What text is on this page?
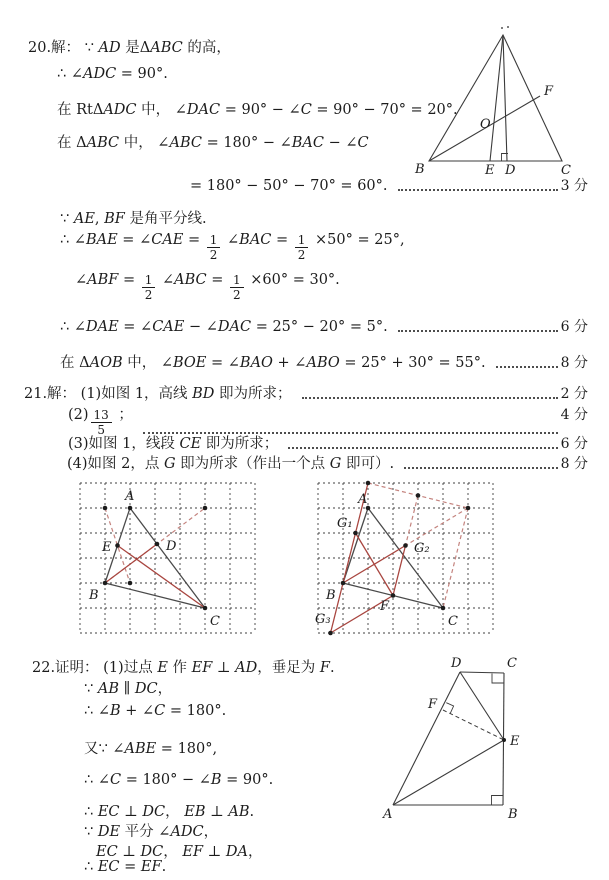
20.解： ∵ AD 是Δ ABC 的高，
∴ ∠ ADC = 90°.
在 RtΔ ADC 中， ∠ DAC = 90° − ∠ C = 90° − 70° = 20°.
在 Δ ABC 中， ∠ ABC = 180° − ∠ BAC − ∠ C
= 180° − 50° − 70° = 60°.	3 分
∵ AE , BF 是角平分线.
∴ ∠ BAE = ∠ CAE = $\frac{1}{2}$ ∠ BAC = $\frac{1}{2} \times 50^\circ = 25^\circ$,
∠ ABF = $\frac{1}{2}$ ∠ ABC = $\frac{1}{2} \times 60^\circ = 30^\circ$.
∴ ∠ DAE = ∠ CAE − ∠ DAC = 25° − 20° = 5°.	6 分
在 Δ AOB 中， ∠ BOE = ∠ BAO + ∠ ABO = 25° + 30° = 55°.	8 分
21.解： (1)如图 1，高线 BD 即为所求；	2 分
$(2) \frac{13}{5}$ ；	4 分
(3)如图 1，线段 CE 即为所求；	6 分
(4)如图 2，点 G 即为所求（作出一个点 G 即可）.	8 分
22.证明： (1)过点 E 作 EF ⊥ AD ，垂足为 F .
∵ AB ∥ DC ，
∴ ∠ B + ∠ C = 180°.
又∵ ∠ ABE = 180°,
∴ ∠ C = 180° − ∠ B = 90°.
∴ EC ⊥ DC ， EB ⊥ AB .
∵ DE 平分 ∠ ADC ，
EC ⊥ DC ， EF ⊥ DA ，
∴ EC = EF .
B	E D	C
F
O
A
E	D
B
C
A
B
C
F
G₁
G₂
G₃
D	C
F
E
A	B
